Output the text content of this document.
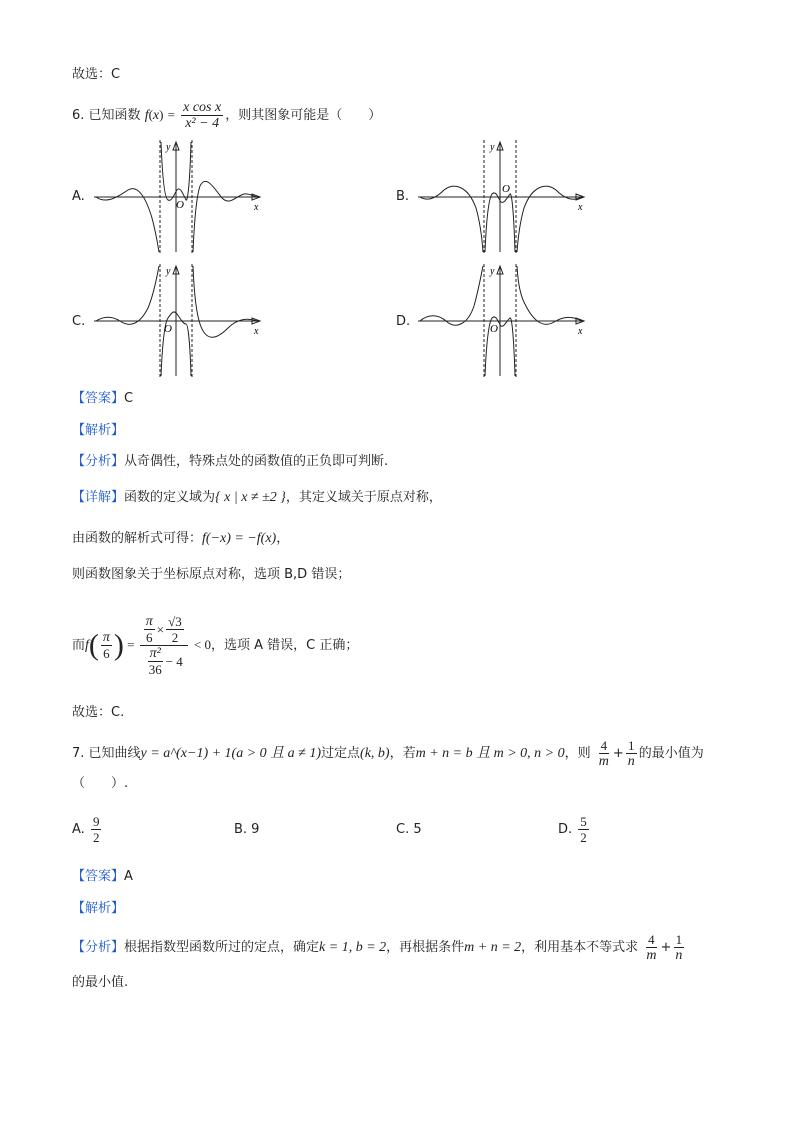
故选：C
6. 已知函数 $f(x) = \frac{\text{x cos x}}{\text{x² − 4}}$ ，则其图象可能是（　　）
A.	B.
C.	D.
y
x
O
y
x
O
y
x
O
y
x
O
【答案】C
【解析】
【分析】从奇偶性，特殊点处的函数值的正负即可判断.
【详解】函数的定义域为{ x | x ≠ ±2 }，其定义域关于原点对称，
由函数的解析式可得：f(−x) = −f(x)，
则函数图象关于坐标原点对称，选项 B,D 错误；
而$f( \frac{\pi}{6}$ ) = $\frac{\frac{\pi}{6} \times \frac{√3}{2}}{\frac{\text{π²}}{36} - 4} < 0$，选项 A 错误，C 正确；
故选：C.
7. 已知曲线y = a^(x−1) + 1(a > 0 且 a ≠ 1)过定点(k, b)，若m + n = b 且 m > 0, n > 0，则 $\frac{4}{m} + \frac{1}{n}$ 的最小值为
（　　）.
A. $\frac{9}{2}$	B. 9	C. 5	D. $\frac{5}{2}$
【答案】A
【解析】
【分析】根据指数型函数所过的定点，确定k = 1, b = 2，再根据条件m + n = 2，利用基本不等式求 $\frac{4}{m} + \frac{1}{n}$
的最小值.
